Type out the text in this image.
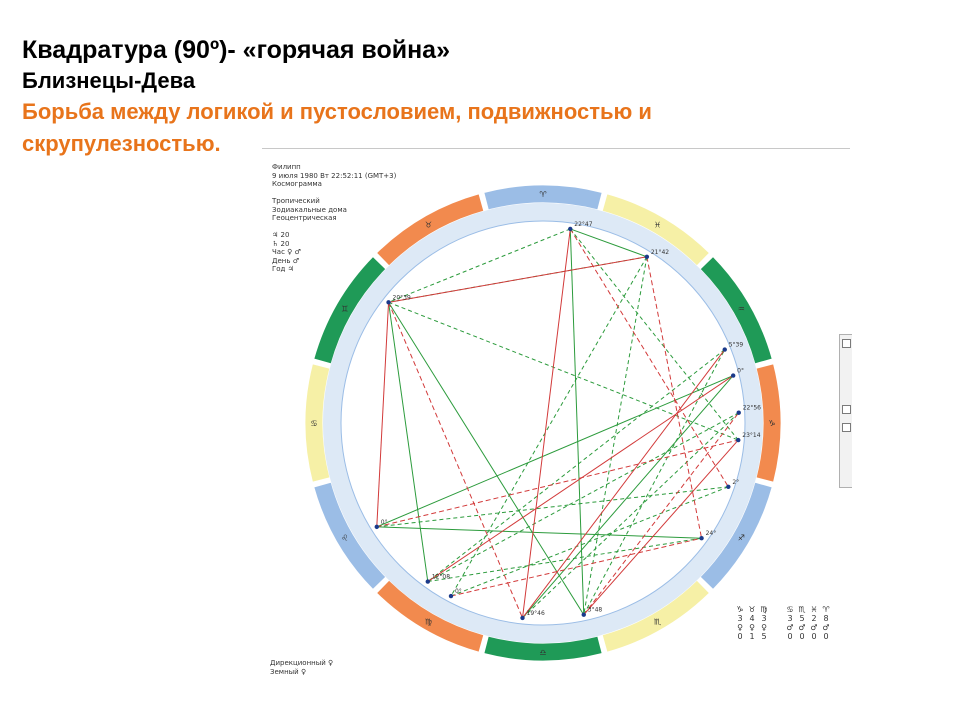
Квадратура (90º)- «горячая война»

Близнецы-Дева

Борьба между логикой и пустословием, подвижностью и скрупулезностью.

♈
♉
♊
♋
♌
♍
♎
♏
♐
♑
♒
♓
22°47
21°42
5°39
0°
22°56
23°14
2°
24°
3°48
19°46
0°
12°08
20°39
0°
Филипп
9 июля 1980 Вт 22:52:11 (GMT+3)
Космограмма

Тропический
Зодиакальные дома
Геоцентрическая

♃ 20
♄ 20
Час ♀ ♂
День ♂
Год ♃
Дирекционный ♀
Земный ♀
♑ ♉ ♍
3 4 3
♀ ♀ ♀
0 1 5
♋ ♏ ♓ ♈
3 5 2 8
♂ ♂ ♂ ♂
0 0 0 0
